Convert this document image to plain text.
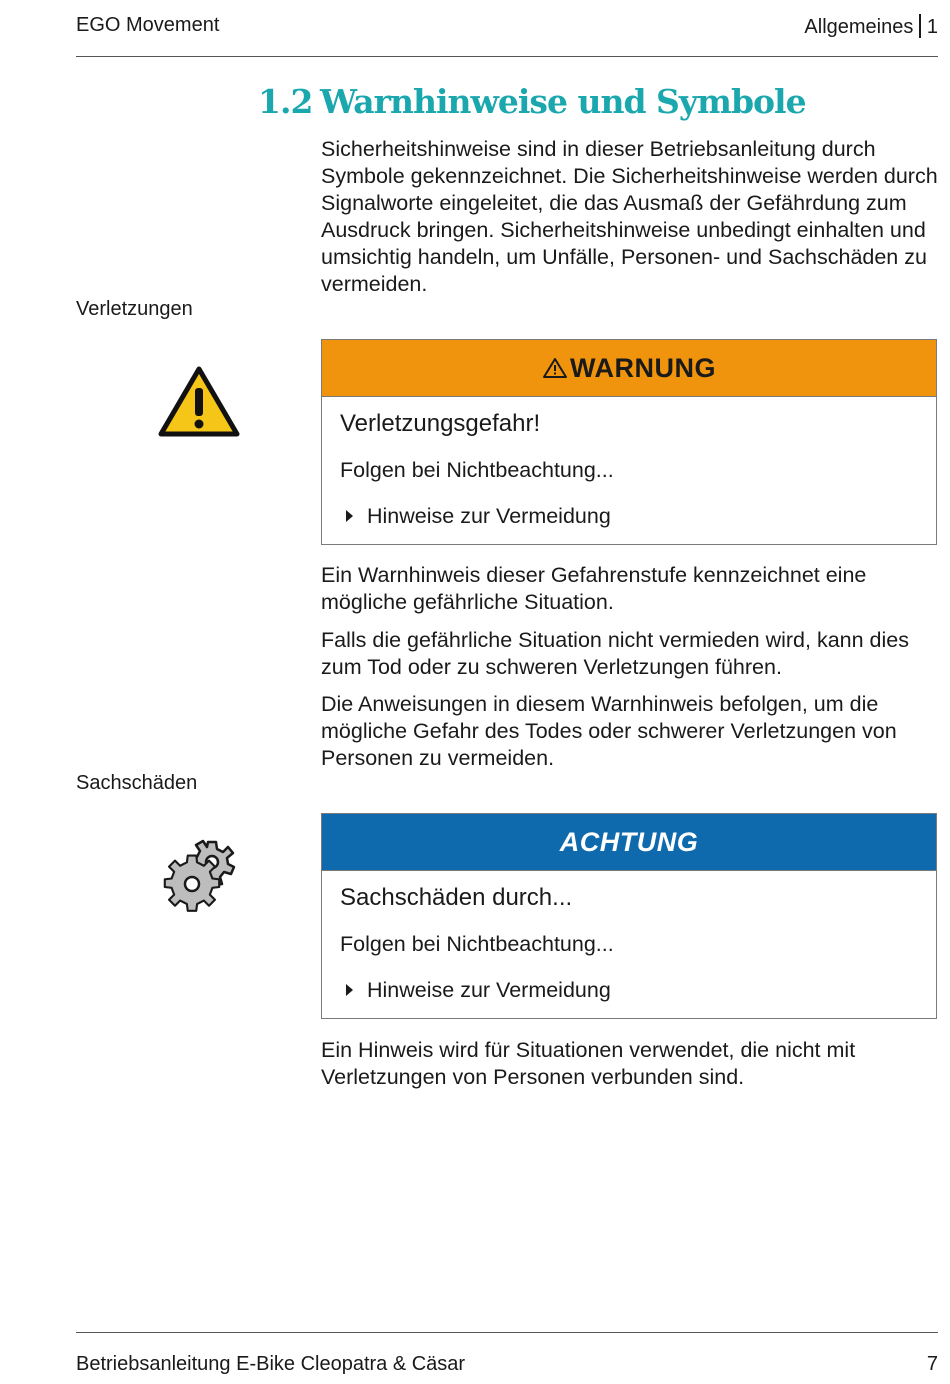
EGO Movement	Allgemeines 1
1.2 Warnhinweise und Symbole
Sicherheitshinweise sind in dieser Betriebsanleitung durch Symbole gekennzeichnet. Die Sicherheitshinweise werden durch Signalworte eingeleitet, die das Ausmaß der Gefährdung zum Ausdruck bringen. Sicherheitshinweise unbedingt einhalten und umsichtig handeln, um Unfälle, Personen- und Sachschäden zu vermeiden.
Verletzungen
WARNUNG
Verletzungsgefahr!
Folgen bei Nichtbeachtung...
Hinweise zur Vermeidung
Ein Warnhinweis dieser Gefahrenstufe kennzeichnet eine mögliche gefährliche Situation.
Falls die gefährliche Situation nicht vermieden wird, kann dies zum Tod oder zu schweren Verletzungen führen.
Die Anweisungen in diesem Warnhinweis befolgen, um die mögliche Gefahr des Todes oder schwerer Verletzungen von Personen zu vermeiden.
Sachschäden
ACHTUNG
Sachschäden durch...
Folgen bei Nichtbeachtung...
Hinweise zur Vermeidung
Ein Hinweis wird für Situationen verwendet, die nicht mit Verletzungen von Personen verbunden sind.
Betriebsanleitung E-Bike Cleopatra & Cäsar	7
